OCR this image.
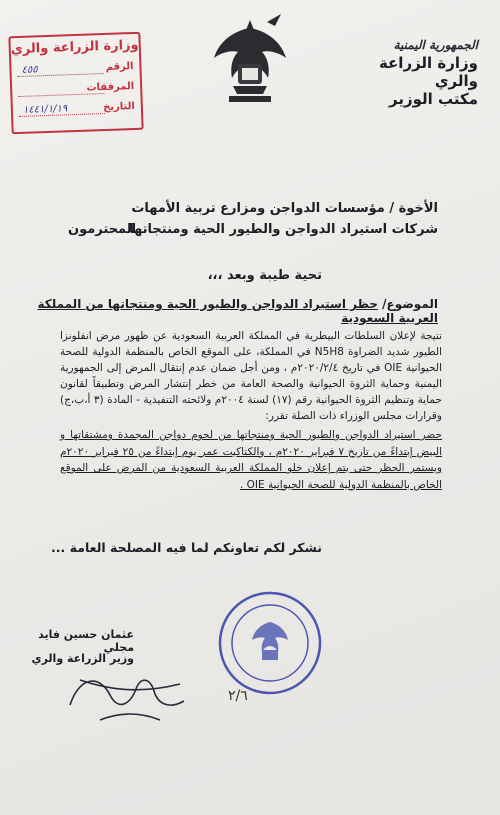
الجمهورية اليمنية
وزارة الزراعة والري
مكتب الوزير
وزارة الزراعة والري
الرقم
٤٥٥
المرفقات
التاريخ
١٤٤١/١/١٩
الأخوة / مؤسسات الدواجن ومزارع تربية الأمهات
شركات استيراد الدواجن والطيور الحية ومنتجاتها
المحترمون
تحية طيبة وبعد ،،،
الموضوع/ حظر استيراد الدواجن والطيور الحية ومنتجاتها من المملكة العربية السعودية
نتيجة لإعلان السلطات البيطرية في المملكة العربية السعودية عن ظهور مرض انفلونزا الطيور شديد الضراوة N5H8 في المملكة، على الموقع الخاص بالمنظمة الدولية للصحة الحيوانية OIE في تاريخ ٢٠٢٠/٢/٤م ، ومن أجل ضمان عدم إنتقال المرض إلى الجمهورية اليمنية وحماية الثروة الحيوانية والصحة العامة من خطر إنتشار المرض وتطبيقاً لقانون حماية وتنظيم الثروة الحيوانية رقم (١٧) لسنة ٢٠٠٤م ولائحته التنفيذية - المادة (٣ أ،ب،ج) وقرارات مجلس الوزراء ذات الصلة تقرر:
حضر استيراد الدواجن والطيور الحية ومنتجاتها من لحوم دواجن المجمدة ومشتقاتها و البيض إبتداءً من تاريخ ٧ فبراير ٢٠٢٠م ، والكتاكيت عمر يوم إبتداءً من ٢٥ فبراير ٢٠٢٠م ويستمر الحظر حتى يتم إعلان خلو المملكة العربية السعودية من المرض على الموقع الخاص بالمنظمة الدولية للصحة الحيوانية OIE .
نشكر لكم تعاونكم لما فيه المصلحة العامة ...
عثمان حسين فايد مجلي
وزير الزراعة والري
٢/٦
